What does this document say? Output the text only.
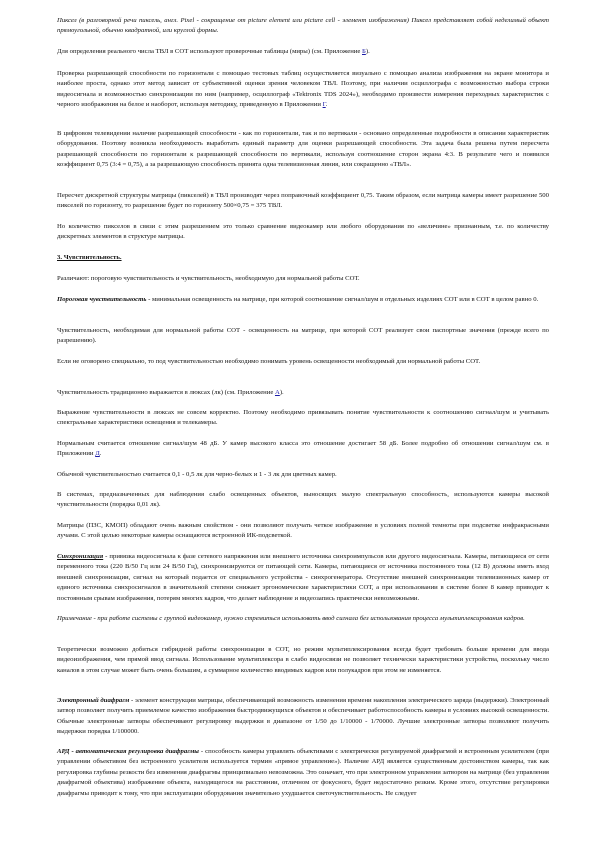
Пиксел (в разговорной речи пиксель, англ. Pixel - сокращение от picture element или picture cell - элемент изображения) Пиксел представляет собой неделимый объект прямоугольной, обычно квадратной, или круглой формы.

Для определения реального числа ТВЛ в СОТ используют проверочные таблицы (миры) (см. Приложение Б).

Проверка разрешающей способности по горизонтали с помощью тестовых таблиц осуществляется визуально с помощью анализа изображения на экране монитора и наиболее проста, однако этот метод зависит от субъективной оценки зрения человеком ТВЛ. Поэтому, при наличии осциллографа с возможностью выбора строки видеосигнала и возможностью синхронизации по ним (например, осциллограф «Tektronix TDS 2024»), необходимо произвести измерения переходных характеристик с черного изображения на белое и наоборот, используя методику, приведенную в Приложении Г.

В цифровом телевидении наличие разрешающей способности - как по горизонтали, так и по вертикали - основано определенные подробности в описании характеристик оборудования. Поэтому возникла необходимость выработать единый параметр для оценки разрешающей способности. Эта задача была решена путем пересчета разрешающей способности по горизонтали к разрешающей способности по вертикали, используя соотношение сторон экрана 4:3. В результате чего и появился коэффициент 0,75 (3:4 = 0,75), а за разрешающую способность принята одна телевизионная линия, или сокращенно «ТВЛ».

Пересчет дискретной структуры матрицы (пикселей) в ТВЛ производят через поправочный коэффициент 0,75. Таким образом, если матрица камеры имеет разрешение 500 пикселей по горизонту, то разрешение будет по горизонту 500×0,75 = 375 ТВЛ.

Но количество пикселов в связи с этим разрешением это только сравнение видеокамер или любого оборудования по «величине» признанным, т.е. по количеству дискретных элементов в структуре матрицы.

3. Чувствительность.

Различают: пороговую чувствительность и чувствительность, необходимую для нормальной работы СОТ.

Пороговая чувствительность - минимальная освещенность на матрице, при которой соотношение сигнал/шум в отдельных изделиях СОТ или в СОТ в целом равно 0.

Чувствительность, необходимая для нормальной работы СОТ - освещенность на матрице, при которой СОТ реализует свои паспортные значения (прежде всего по разрешению).

Если не оговорено специально, то под чувствительностью необходимо понимать уровень освещенности необходимый для нормальной работы СОТ.

Чувствительность традиционно выражается в люксах (лк) (см. Приложение А).

Выражение чувствительности в люксах не совсем корректно. Поэтому необходимо привязывать понятие чувствительности к соотношению сигнал/шум и учитывать спектральные характеристики освещения и телекамеры.

Нормальным считается отношение сигнал/шум 48 дБ. У камер высокого класса это отношение достигает 58 дБ. Более подробно об отношении сигнал/шум см. в Приложении Д.

Обычной чувствительностью считается 0,1 - 0,5 лк для черно-белых и 1 - 3 лк для цветных камер.

В системах, предназначенных для наблюдения слабо освещенных объектов, выносящих малую спектральную способность, используются камеры высокой чувствительности (порядка 0,01 лк).

Матрицы (ПЗС, КМОП) обладают очень важным свойством - они позволяют получать четкое изображение в условиях полной темноты при подсветке инфракрасными лучами. С этой целью некоторые камеры оснащаются встроенной ИК-подсветкой.

Синхронизация - привязка видеосигнала к фазе сетевого напряжения или внешнего источника синхроимпульсов или другого видеосигнала. Камеры, питающиеся от сети переменного тока (220 В/50 Гц или 24 В/50 Гц), синхронизируются от питающей сети. Камеры, питающиеся от источника постоянного тока (12 В) должны иметь вход внешней синхронизации, сигнал на который подается от специального устройства - синхрогенератора. Отсутствие внешней синхронизации телевизионных камер от единого источника синхросигналов в значительной степени снижает эргономические характеристики СОТ, а при использовании в системе более 8 камер приводит к постоянным срывам изображения, потерям многих кадров, что делает наблюдение и видеозапись практически невозможными.

Примечание - при работе системы с группой видеокамер, нужно стремиться использовать ввод сигнала без использования процесса мультиплексирования кадров.

Теоретически возможно добиться гибридной работы синхронизации в СОТ, но режим мультиплексирования всегда будет требовать больше времени для ввода видеоизображения, чем прямой ввод сигнала. Использование мультиплексора в слабо видеосвязи не позволяет технически характеристики устройства, поскольку число каналов в этом случае может быть очень большим, а суммарное количество вводимых кадров или полукадров при этом не изменяется.

Электронный диафрагм - элемент конструкции матрицы, обеспечивающий возможность изменения времени накопления электрического заряда (выдержки). Электронный затвор позволяет получить приемлемое качество изображения быстродвижущихся объектов и обеспечивает работоспособность камеры в условиях высокой освещенности. Обычные электронные затворы обеспечивают регулировку выдержки в диапазоне от 1/50 до 1/10000 - 1/70000. Лучшие электронные затворы позволяют получить выдержки порядка 1/100000.

АРД - автоматическая регулировка диафрагмы - способность камеры управлять объективами с электрически регулируемой диафрагмой и встроенным усилителем (при управлении объективом без встроенного усилителя используется термин «прямое управление»). Наличие АРД является существенным достоинством камеры, так как регулировка глубины резкости без изменения диафрагмы принципиально невозможна. Это означает, что при электронном управлении затвором на матрице (без управления диафрагмой объектива) изображение объекта, находящегося на расстоянии, отличном от фокусного, будет недостаточно резким. Кроме этого, отсутствие регулировки диафрагмы приводит к тому, что при эксплуатации оборудования значительно ухудшается светочувствительность. Не следует
